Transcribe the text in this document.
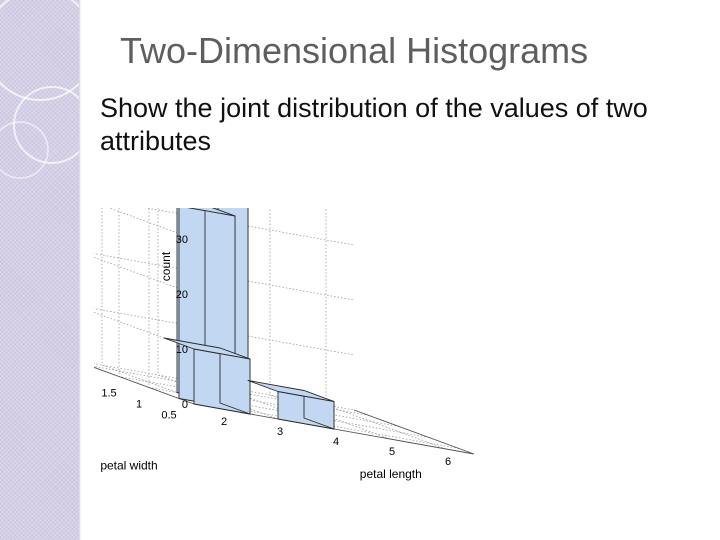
Two-Dimensional Histograms
Show the joint distribution of the values of two attributes
0
10
20
30
2
3
4
5
6
0.5
1
1.5
count
petal length
petal width
